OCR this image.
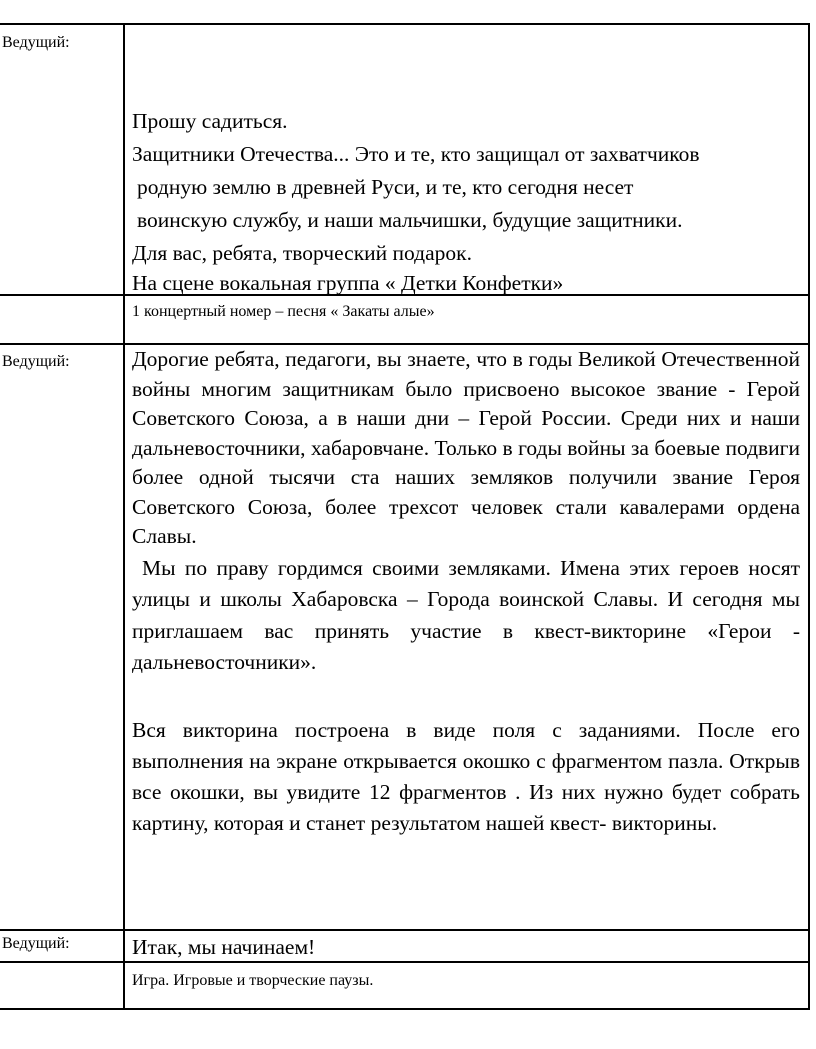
Ведущий:
Прошу садиться.
Защитники Отечества... Это и те, кто защищал от захватчиков
родную землю в древней Руси, и те, кто сегодня несет
воинскую службу, и наши мальчишки, будущие защитники.
Для вас, ребята, творческий подарок.
На сцене вокальная группа « Детки Конфетки»
1 концертный номер – песня « Закаты алые»
Ведущий:	Дорогие ребята, педагоги, вы знаете, что в годы Великой Отечественной войны многим защитникам было присвоено высокое звание - Герой Советского Союза, а в наши дни – Герой России. Среди них и наши дальневосточники, хабаровчане. Только в годы войны за боевые подвиги более одной тысячи ста наших земляков получили звание Героя Советского Союза, более трехсот человек стали кавалерами ордена Славы.

Мы по праву гордимся своими земляками. Имена этих героев носят улицы и школы Хабаровска – Города воинской Славы. И сегодня мы приглашаем вас принять участие в квест-викторине «Герои - дальневосточники».

Вся викторина построена в виде поля с заданиями. После его выполнения на экране открывается окошко с фрагментом пазла. Открыв все окошки, вы увидите 12 фрагментов . Из них нужно будет собрать картину, которая и станет результатом нашей квест- викторины.

Ведущий:	Итак, мы начинаем!
Игра. Игровые и творческие паузы.
